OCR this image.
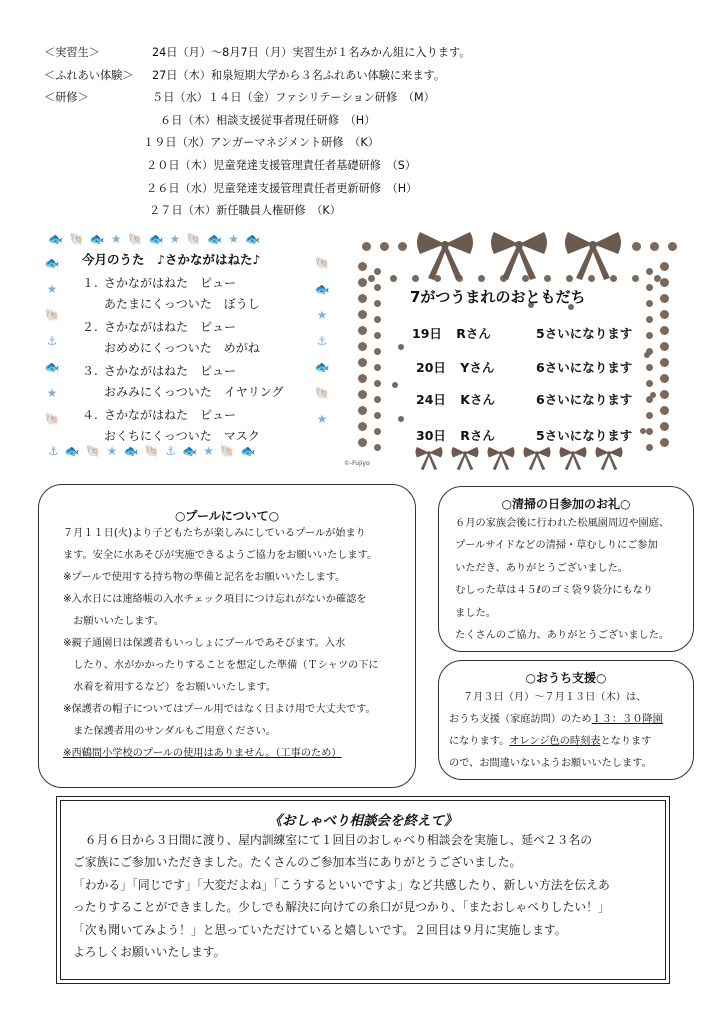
＜実習生＞	24日（月）～8月7日（月）実習生が１名みかん組に入ります。
＜ふれあい体験＞ 27日（木）和泉短期大学から３名ふれあい体験に来ます。
＜研修＞	５日（水）１４日（金）ファシリテーション研修　（M）
６日（木）相談支援従事者現任研修　（H）
１９日（水）アンガーマネジメント研修　（K）
２０日（木）児童発達支援管理責任者基礎研修　（S）
２６日（水）児童発達支援管理責任者更新研修　（H）
２７日（木）新任職員人権研修　（K）
🐟🐚🐟★🐚🐟★🐚🐟★🐟
⚓🐟🐚★🐟🐚⚓🐟★🐚🐟
🐟
★
🐚
⚓
🐟
★
🐚
🐚
🐟
★
⚓
🐟
🐚
★
今月のうた　♪さかながはねた♪
１. さかながはねた　ピュー
あたまにくっついた　ぼうし
２. さかながはねた　ピュー
おめめにくっついた　めがね
３. さかながはねた　ピュー
おみみにくっついた　イヤリング
４. さかながはねた　ピュー
おくちにくっついた　マスク
7がつうまれのおともだち
19日 Rさん	5さいになります
20日 Yさん	6さいになります
24日 Kさん	6さいになります
30日 Rさん	5さいになります
©-Fujiyo
○プールについて○

７月１１日(火)より子どもたちが楽しみにしているプールが始まり

ます。安全に水あそびが実施できるようご協力をお願いいたします。

※プールで使用する持ち物の準備と記名をお願いいたします。

※入水日には連絡帳の入水チェック項目につけ忘れがないか確認を

　お願いいたします。

※親子通園日は保護者もいっしょにプールであそびます。入水

　したり、水がかかったりすることを想定した準備（Ｔシャツの下に

　水着を着用するなど）をお願いいたします。

※保護者の帽子についてはプール用ではなく日よけ用で大丈夫です。

　また保護者用のサンダルもご用意ください。

※西鶴間小学校のプールの使用はありません。（工事のため）

○清掃の日参加のお礼○

　６月の家族会後に行われた松風園周辺や園庭、

　プールサイドなどの清掃・草むしりにご参加

　いただき、ありがとうございました。

　むしった草は４５ℓのゴミ袋９袋分にもなり

　ました。

　たくさんのご協力、ありがとうございました。

○おうち支援○

７月３日（月）～７月１３日（木）は、

おうち支援（家庭訪問）のため１３：３０降園

になります。オレンジ色の時刻表となります

ので、お間違いないようお願いいたします。

《おしゃべり相談会を終えて》
　６月６日から３日間に渡り、屋内訓練室にて１回目のおしゃべり相談会を実施し、延べ２３名の
ご家族にご参加いただきました。たくさんのご参加本当にありがとうございました。
「わかる」「同じです」「大変だよね」「こうするといいですよ」など共感したり、新しい方法を伝えあ
ったりすることができました。少しでも解決に向けての糸口が見つかり、「またおしゃべりしたい！」
「次も聞いてみよう！」と思っていただけていると嬉しいです。２回目は９月に実施します。
よろしくお願いいたします。
